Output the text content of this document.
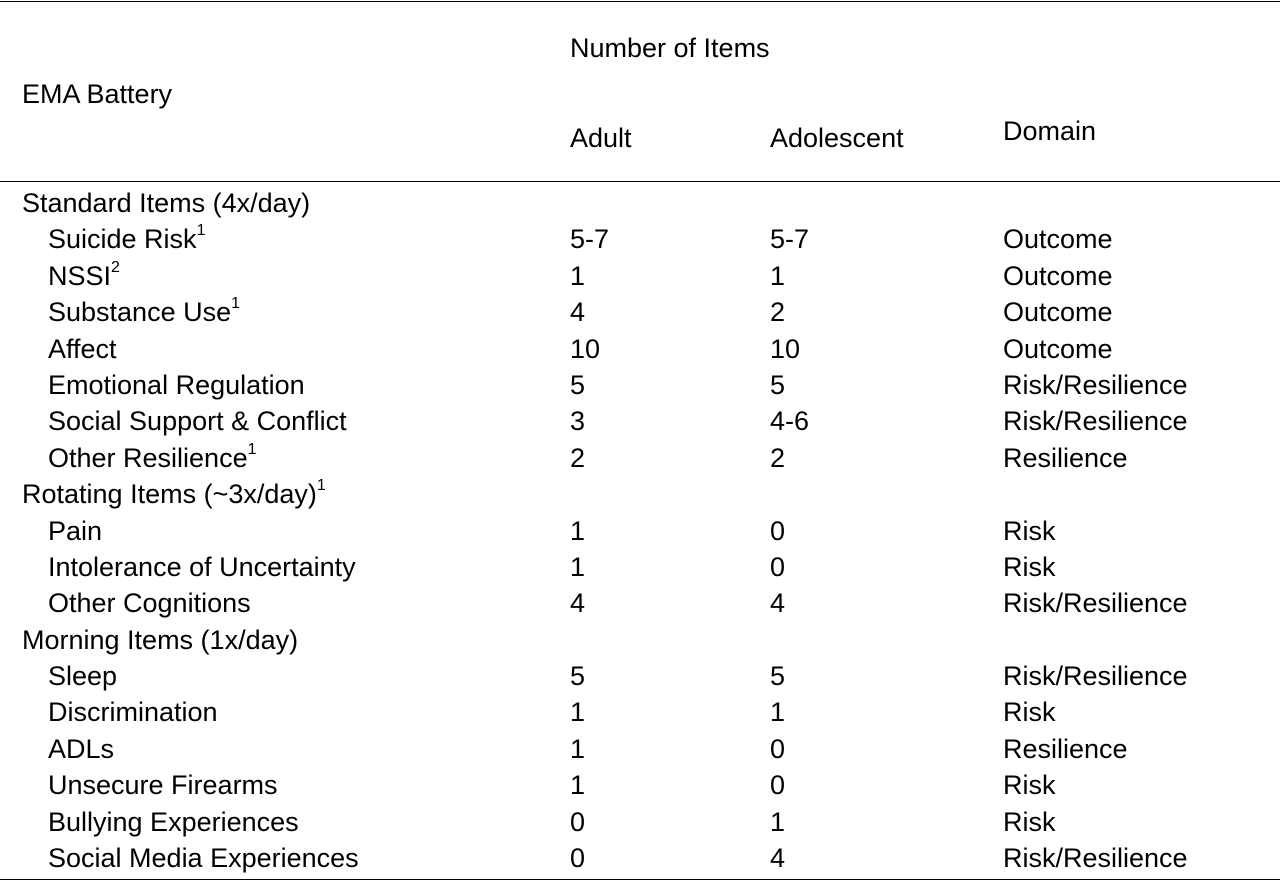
EMA Battery
Number of Items
Adult	Adolescent	Domain
Standard Items (4x/day)
Suicide Risk$^1$	5-7	5-7	Outcome
NSSI$^2$	1	1	Outcome
Substance Use$^1$	4	2	Outcome
Affect	10	10	Outcome
Emotional Regulation	5	5	Risk/Resilience
Social Support & Conflict	3	4-6	Risk/Resilience
Other Resilience$^1$	2	2	Resilience
Rotating Items (~3x/day)$^1$
Pain	1	0	Risk
Intolerance of Uncertainty	1	0	Risk
Other Cognitions	4	4	Risk/Resilience
Morning Items (1x/day)
Sleep	5	5	Risk/Resilience
Discrimination	1	1	Risk
ADLs	1	0	Resilience
Unsecure Firearms	1	0	Risk
Bullying Experiences	0	1	Risk
Social Media Experiences	0	4	Risk/Resilience
